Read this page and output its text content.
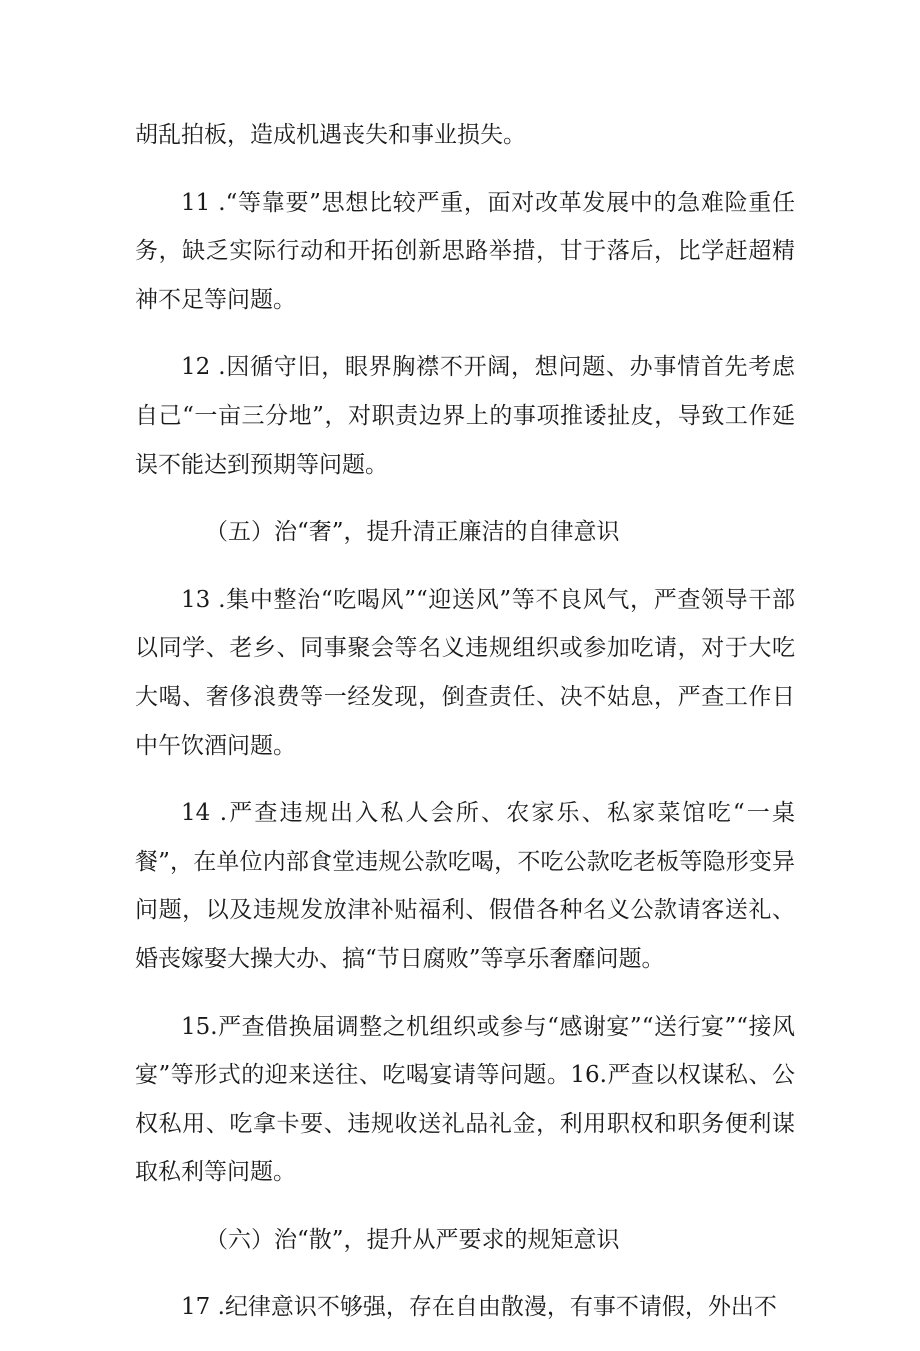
胡乱拍板，造成机遇丧失和事业损失。

11 .“等靠要”思想比较严重，面对改革发展中的急难险重任务，缺乏实际行动和开拓创新思路举措，甘于落后，比学赶超精神不足等问题。

12 .因循守旧，眼界胸襟不开阔，想问题、办事情首先考虑自己“一亩三分地”，对职责边界上的事项推诿扯皮，导致工作延误不能达到预期等问题。

（五）治“奢”，提升清正廉洁的自律意识

13 .集中整治“吃喝风”“迎送风”等不良风气，严查领导干部以同学、老乡、同事聚会等名义违规组织或参加吃请，对于大吃大喝、奢侈浪费等一经发现，倒查责任、决不姑息，严查工作日中午饮酒问题。

14 .严查违规出入私人会所、农家乐、私家菜馆吃“一桌餐”，在单位内部食堂违规公款吃喝，不吃公款吃老板等隐形变异问题，以及违规发放津补贴福利、假借各种名义公款请客送礼、婚丧嫁娶大操大办、搞“节日腐败”等享乐奢靡问题。

15.严查借换届调整之机组织或参与“感谢宴”“送行宴”“接风宴”等形式的迎来送往、吃喝宴请等问题。16.严查以权谋私、公权私用、吃拿卡要、违规收送礼品礼金，利用职权和职务便利谋取私利等问题。

（六）治“散”，提升从严要求的规矩意识

17 .纪律意识不够强，存在自由散漫，有事不请假，外出不
